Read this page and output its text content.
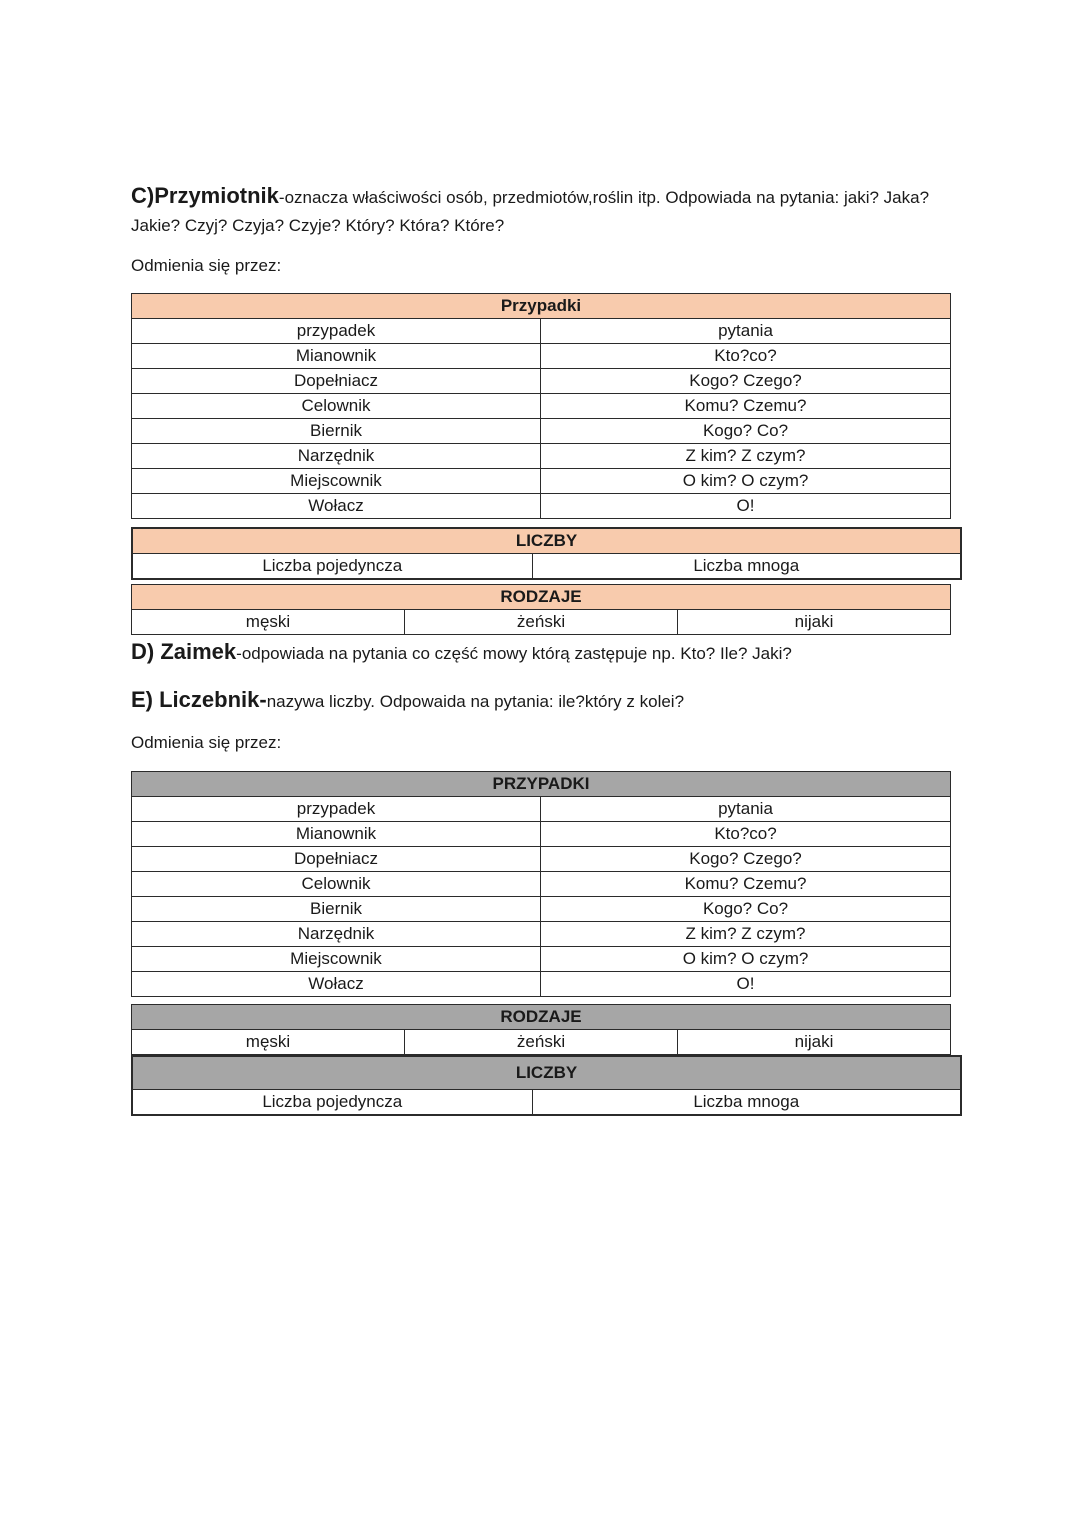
C)Przymiotnik-oznacza właściwości osób, przedmiotów,roślin itp. Odpowiada na pytania: jaki? Jaka? Jakie? Czyj? Czyja? Czyje? Który? Która? Które?

Odmienia się przez:

Przypadki	
przypadek	pytania
Mianownik	Kto?co?
Dopełniacz	Kogo? Czego?
Celownik	Komu? Czemu?
Biernik	Kogo? Co?
Narzędnik	Z kim? Z czym?
Miejscownik	O kim? O czym?
Wołacz	O!
LICZBY
Liczba pojedyncza	Liczba mnoga
RODZAJE
męski	żeński	nijaki

D) Zaimek-odpowiada na pytania co część mowy którą zastępuje np. Kto? Ile? Jaki?

E) Liczebnik-nazywa liczby. Odpowaida na pytania: ile?który z kolei?

Odmienia się przez:

PRZYPADKI	
przypadek	pytania
Mianownik	Kto?co?
Dopełniacz	Kogo? Czego?
Celownik	Komu? Czemu?
Biernik	Kogo? Co?
Narzędnik	Z kim? Z czym?
Miejscownik	O kim? O czym?
Wołacz	O!
RODZAJE
męski	żeński	nijaki
LICZBY
Liczba pojedyncza	Liczba mnoga
